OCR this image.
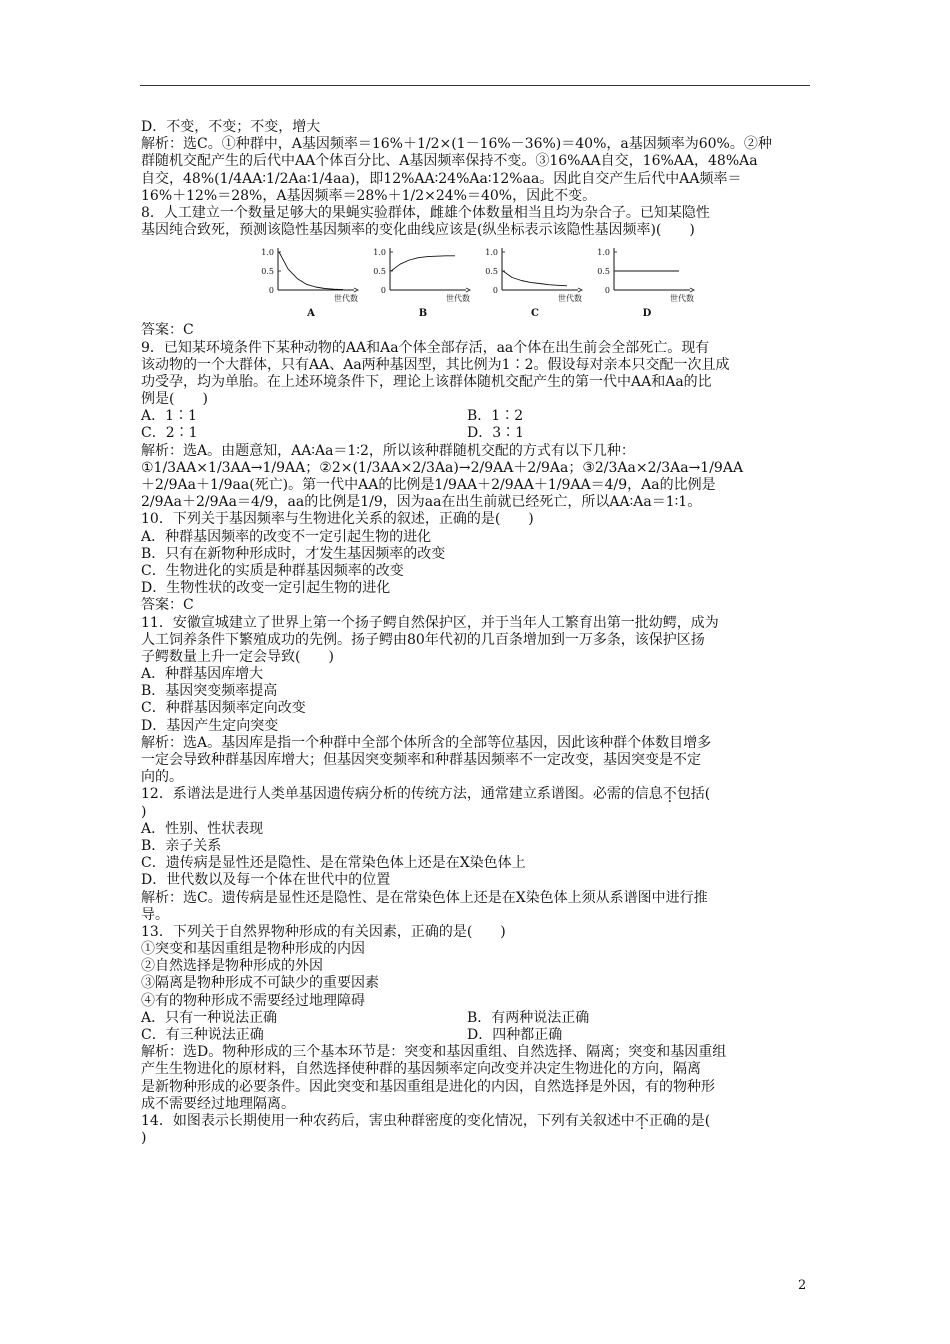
D．不变，不变；不变，增大
解析：选C。①种群中，A基因频率＝16%＋1/2×(1－16%－36%)＝40%，a基因频率为60%。②种
群随机交配产生的后代中AA个体百分比、A基因频率保持不变。③16%AA自交，16%AA，48%Aa
自交，48%(1/4AA∶1/2Aa∶1/4aa)，即12%AA∶24%Aa∶12%aa。因此自交产生后代中AA频率＝
16%＋12%＝28%，A基因频率＝28%＋1/2×24%＝40%，因此不变。
8．人工建立一个数量足够大的果蝇实验群体，雌雄个体数量相当且均为杂合子。已知某隐性
基因纯合致死，预测该隐性基因频率的变化曲线应该是(纵坐标表示该隐性基因频率)(　　)
1.0
0.5
0
世代数
A
1.0
0.5
0
世代数
B
1.0
0.5
0
世代数
C
1.0
0.5
0
世代数
D
答案：C
9．已知某环境条件下某种动物的AA和Aa个体全部存活，aa个体在出生前会全部死亡。现有
该动物的一个大群体，只有AA、Aa两种基因型，其比例为1∶2。假设每对亲本只交配一次且成
功受孕，均为单胎。在上述环境条件下，理论上该群体随机交配产生的第一代中AA和Aa的比
例是(　　)
A．1∶1	B．1∶2
C．2∶1	D．3∶1
解析：选A。由题意知，AA∶Aa＝1∶2，所以该种群随机交配的方式有以下几种：
①1/3AA×1/3AA→1/9AA；②2×(1/3AA×2/3Aa)→2/9AA＋2/9Aa；③2/3Aa×2/3Aa→1/9AA
＋2/9Aa＋1/9aa(死亡)。第一代中AA的比例是1/9AA＋2/9AA＋1/9AA＝4/9，Aa的比例是
2/9Aa＋2/9Aa＝4/9，aa的比例是1/9，因为aa在出生前就已经死亡，所以AA∶Aa＝1∶1。
10．下列关于基因频率与生物进化关系的叙述，正确的是(　　)
A．种群基因频率的改变不一定引起生物的进化
B．只有在新物种形成时，才发生基因频率的改变
C．生物进化的实质是种群基因频率的改变
D．生物性状的改变一定引起生物的进化
答案：C
11．安徽宣城建立了世界上第一个扬子鳄自然保护区，并于当年人工繁育出第一批幼鳄，成为
人工饲养条件下繁殖成功的先例。扬子鳄由80年代初的几百条增加到一万多条，该保护区扬
子鳄数量上升一定会导致(　　)
A．种群基因库增大
B．基因突变频率提高
C．种群基因频率定向改变
D．基因产生定向突变
解析：选A。基因库是指一个种群中全部个体所含的全部等位基因，因此该种群个体数目增多
一定会导致种群基因库增大；但基因突变频率和种群基因频率不一定改变，基因突变是不定
向的。
12．系谱法是进行人类单基因遗传病分析的传统方法，通常建立系谱图。必需的信息不包括(
)
A．性别、性状表现
B．亲子关系
C．遗传病是显性还是隐性、是在常染色体上还是在X染色体上
D．世代数以及每一个体在世代中的位置
解析：选C。遗传病是显性还是隐性、是在常染色体上还是在X染色体上须从系谱图中进行推
导。
13．下列关于自然界物种形成的有关因素，正确的是(　　)
①突变和基因重组是物种形成的内因
②自然选择是物种形成的外因
③隔离是物种形成不可缺少的重要因素
④有的物种形成不需要经过地理障碍
A．只有一种说法正确	B．有两种说法正确
C．有三种说法正确	D．四种都正确
解析：选D。物种形成的三个基本环节是：突变和基因重组、自然选择、隔离；突变和基因重组
产生生物进化的原材料，自然选择使种群的基因频率定向改变并决定生物进化的方向，隔离
是新物种形成的必要条件。因此突变和基因重组是进化的内因，自然选择是外因，有的物种形
成不需要经过地理隔离。
14．如图表示长期使用一种农药后，害虫种群密度的变化情况，下列有关叙述中不正确的是(
)
2
